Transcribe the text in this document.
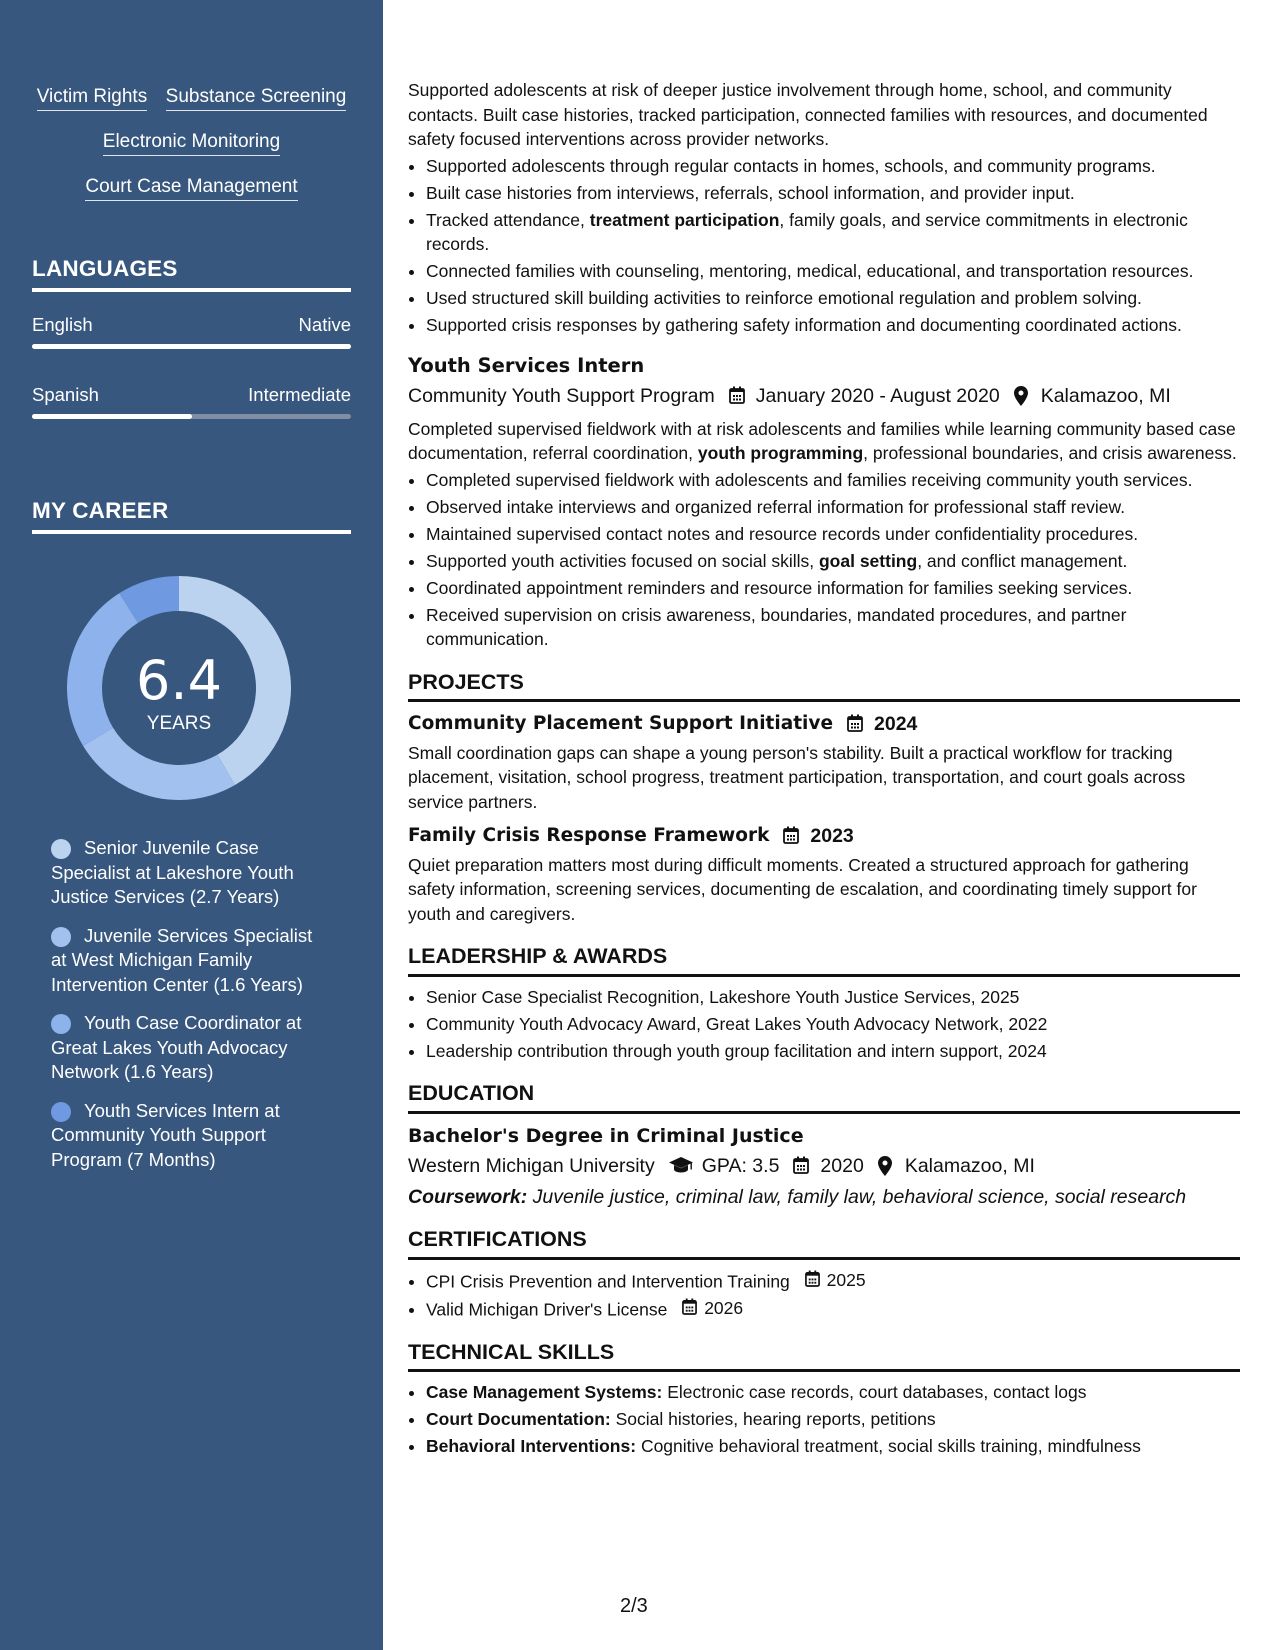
Victim Rights Substance Screening
Electronic Monitoring
Court Case Management
LANGUAGES
English	Native
Spanish	Intermediate
MY CAREER
6.4
YEARS
Senior Juvenile Case Specialist at Lakeshore Youth Justice Services (2.7 Years)
Juvenile Services Specialist at West Michigan Family Intervention Center (1.6 Years)
Youth Case Coordinator at Great Lakes Youth Advocacy Network (1.6 Years)
Youth Services Intern at Community Youth Support Program (7 Months)

Supported adolescents at risk of deeper justice involvement through home, school, and community contacts. Built case histories, tracked participation, connected families with resources, and documented safety focused interventions across provider networks.

• Supported adolescents through regular contacts in homes, schools, and community programs.
• Built case histories from interviews, referrals, school information, and provider input.
• Tracked attendance, treatment participation, family goals, and service commitments in electronic records.
• Connected families with counseling, mentoring, medical, educational, and transportation resources.
• Used structured skill building activities to reinforce emotional regulation and problem solving.
• Supported crisis responses by gathering safety information and documenting coordinated actions.
Youth Services Intern
Community Youth Support Program January 2020 - August 2020 Kalamazoo, MI

Completed supervised fieldwork with at risk adolescents and families while learning community based case documentation, referral coordination, youth programming, professional boundaries, and crisis awareness.

• Completed supervised fieldwork with adolescents and families receiving community youth services.
• Observed intake interviews and organized referral information for professional staff review.
• Maintained supervised contact notes and resource records under confidentiality procedures.
• Supported youth activities focused on social skills, goal setting, and conflict management.
• Coordinated appointment reminders and resource information for families seeking services.
• Received supervision on crisis awareness, boundaries, mandated procedures, and partner communication.
PROJECTS
Community Placement Support Initiative 2024

Small coordination gaps can shape a young person's stability. Built a practical workflow for tracking placement, visitation, school progress, treatment participation, transportation, and court goals across service partners.

Family Crisis Response Framework 2023

Quiet preparation matters most during difficult moments. Created a structured approach for gathering safety information, screening services, documenting de escalation, and coordinating timely support for youth and caregivers.

LEADERSHIP & AWARDS
• Senior Case Specialist Recognition, Lakeshore Youth Justice Services, 2025
• Community Youth Advocacy Award, Great Lakes Youth Advocacy Network, 2022
• Leadership contribution through youth group facilitation and intern support, 2024
EDUCATION
Bachelor's Degree in Criminal Justice
Western Michigan University GPA: 3.5 2020 Kalamazoo, MI
Coursework: Juvenile justice, criminal law, family law, behavioral science, social research
CERTIFICATIONS
• CPI Crisis Prevention and Intervention Training 2025
• Valid Michigan Driver's License 2026
TECHNICAL SKILLS
• Case Management Systems: Electronic case records, court databases, contact logs
• Court Documentation: Social histories, hearing reports, petitions
• Behavioral Interventions: Cognitive behavioral treatment, social skills training, mindfulness
2/3
